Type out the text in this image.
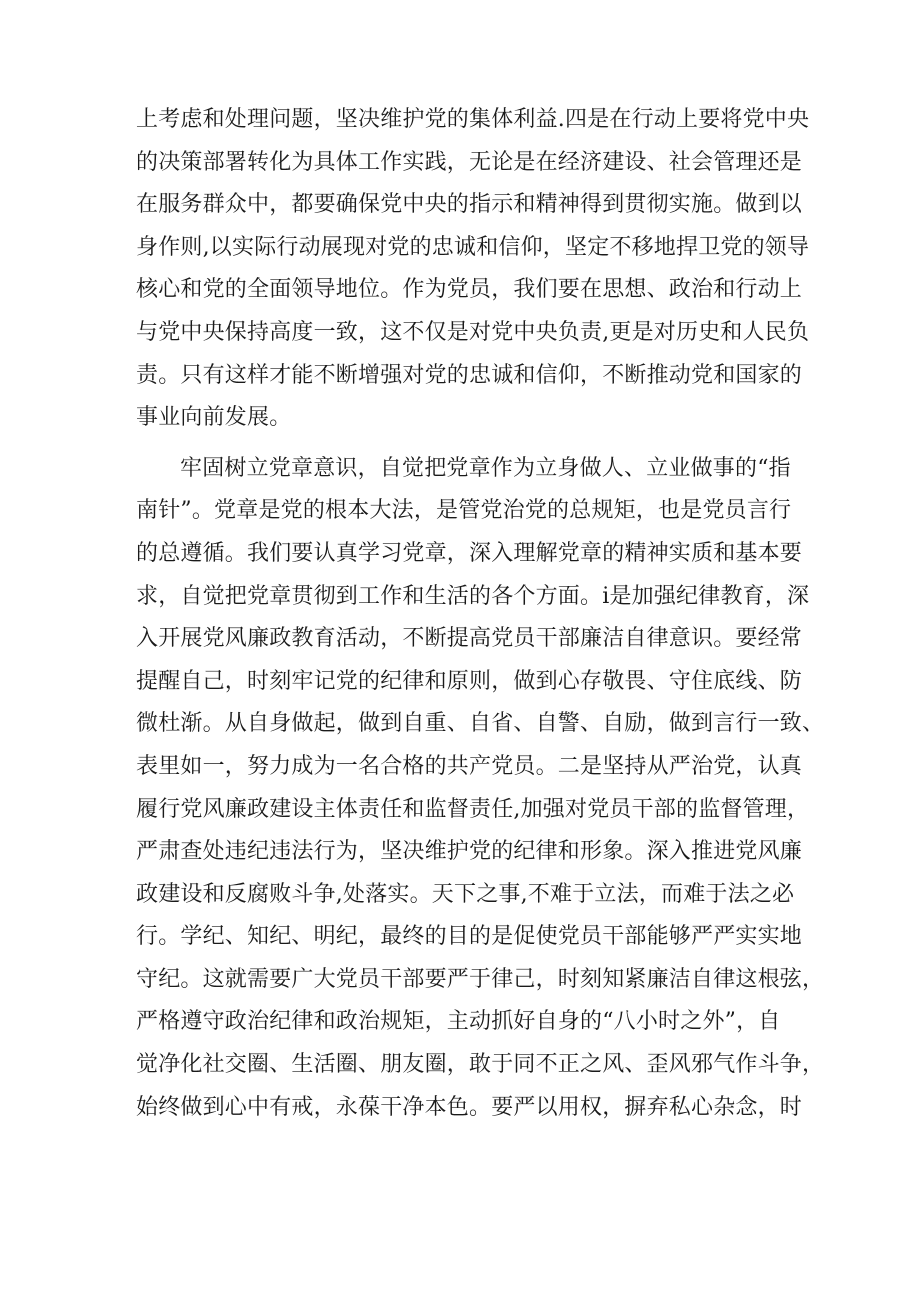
上考虑和处理问题，坚决维护党的集体利益.四是在行动上要将党中央
的决策部署转化为具体工作实践，无论是在经济建设、社会管理还是
在服务群众中，都要确保党中央的指示和精神得到贯彻实施。做到以
身作则,以实际行动展现对党的忠诚和信仰，坚定不移地捍卫党的领导
核心和党的全面领导地位。作为党员，我们要在思想、政治和行动上
与党中央保持高度一致，这不仅是对党中央负责,更是对历史和人民负
责。只有这样才能不断增强对党的忠诚和信仰，不断推动党和国家的
事业向前发展。
牢固树立党章意识，自觉把党章作为立身做人、立业做事的“指
南针”。党章是党的根本大法，是管党治党的总规矩，也是党员言行
的总遵循。我们要认真学习党章，深入理解党章的精神实质和基本要
求，自觉把党章贯彻到工作和生活的各个方面。i是加强纪律教育，深
入开展党风廉政教育活动，不断提高党员干部廉洁自律意识。要经常
提醒自己，时刻牢记党的纪律和原则，做到心存敬畏、守住底线、防
微杜渐。从自身做起，做到自重、自省、自警、自励，做到言行一致、
表里如一，努力成为一名合格的共产党员。二是坚持从严治党，认真
履行党风廉政建设主体责任和监督责任,加强对党员干部的监督管理，
严肃查处违纪违法行为，坚决维护党的纪律和形象。深入推进党风廉
政建设和反腐败斗争,处落实。天下之事,不难于立法，而难于法之必
行。学纪、知纪、明纪，最终的目的是促使党员干部能够严严实实地
守纪。这就需要广大党员干部要严于律己，时刻知紧廉洁自律这根弦，
严格遵守政治纪律和政治规矩，主动抓好自身的“八小时之外”，自
觉净化社交圈、生活圈、朋友圈，敢于同不正之风、歪风邪气作斗争，
始终做到心中有戒，永葆干净本色。要严以用权，摒弃私心杂念，时
